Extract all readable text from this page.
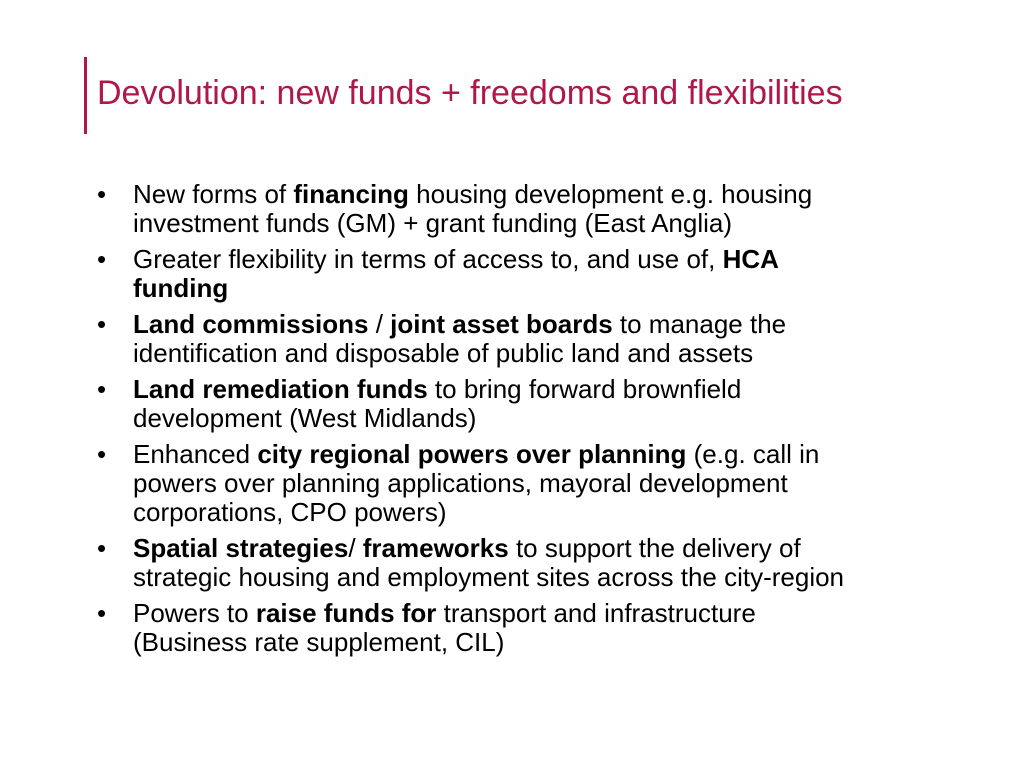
Devolution: new funds + freedoms and flexibilities
•	New forms of financing housing development e.g. housing
investment funds (GM) + grant funding (East Anglia)
•	Greater flexibility in terms of access to, and use of, HCA
funding
•	Land commissions / joint asset boards to manage the
identification and disposable of public land and assets
•	Land remediation funds to bring forward brownfield
development (West Midlands)
•	Enhanced city regional powers over planning (e.g. call in
powers over planning applications, mayoral development
corporations, CPO powers)
•	Spatial strategies/ frameworks to support the delivery of
strategic housing and employment sites across the city-region
•	Powers to raise funds for transport and infrastructure
(Business rate supplement, CIL)
